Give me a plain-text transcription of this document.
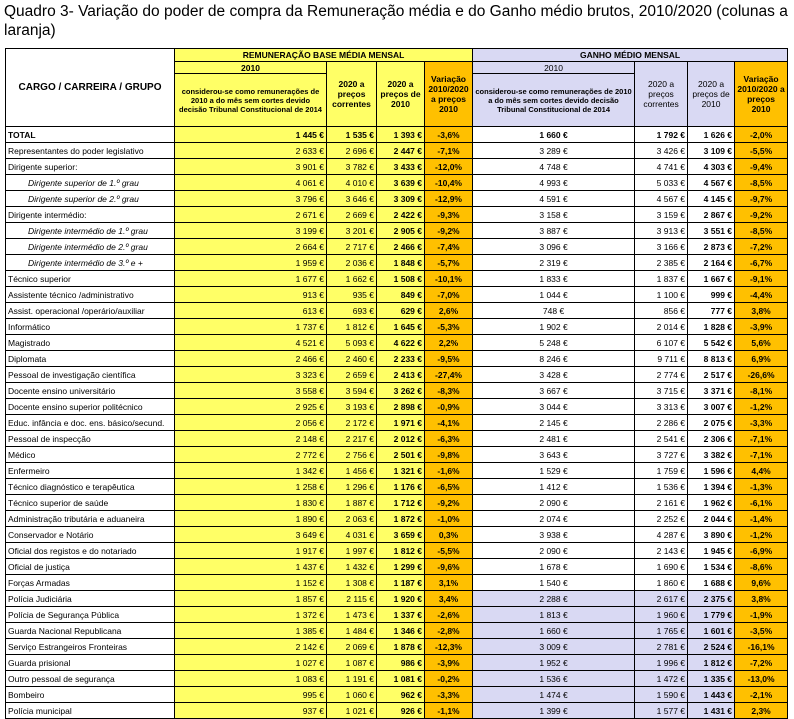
Quadro 3- Variação do poder de compra da Remuneração média e do Ganho médio brutos, 2010/2020 (colunas a laranja)
CARGO / CARREIRA / GRUPO	REMUNERAÇÃO BASE MÉDIA MENSAL				GANHO MÉDIO MENSAL			
	2010	2020 a preços correntes	2020 a preços de 2010	Variação 2010/2020 a preços 2010	2010	2020 a preços correntes	2020 a preços de 2010	Variação 2010/2020 a preços 2010
	considerou-se como remunerações de 2010 a do mês sem cortes devido decisão Tribunal Constitucional de 2014				considerou-se como remunerações de 2010 a do mês sem cortes devido decisão Tribunal Constitucional de 2014			
TOTAL	1 445 €	1 535 €	1 393 €	-3,6%	1 660 €	1 792 €	1 626 €	-2,0%
Representantes do poder legislativo	2 633 €	2 696 €	2 447 €	-7,1%	3 289 €	3 426 €	3 109 €	-5,5%
Dirigente superior:	3 901 €	3 782 €	3 433 €	-12,0%	4 748 €	4 741 €	4 303 €	-9,4%
Dirigente superior de 1.º grau	4 061 €	4 010 €	3 639 €	-10,4%	4 993 €	5 033 €	4 567 €	-8,5%
Dirigente superior de 2.º grau	3 796 €	3 646 €	3 309 €	-12,9%	4 591 €	4 567 €	4 145 €	-9,7%
Dirigente intermédio:	2 671 €	2 669 €	2 422 €	-9,3%	3 158 €	3 159 €	2 867 €	-9,2%
Dirigente intermédio de 1.º grau	3 199 €	3 201 €	2 905 €	-9,2%	3 887 €	3 913 €	3 551 €	-8,5%
Dirigente intermédio de 2.º grau	2 664 €	2 717 €	2 466 €	-7,4%	3 096 €	3 166 €	2 873 €	-7,2%
Dirigente intermédio de 3.º e +	1 959 €	2 036 €	1 848 €	-5,7%	2 319 €	2 385 €	2 164 €	-6,7%
Técnico superior	1 677 €	1 662 €	1 508 €	-10,1%	1 833 €	1 837 €	1 667 €	-9,1%
Assistente técnico /administrativo	913 €	935 €	849 €	-7,0%	1 044 €	1 100 €	999 €	-4,4%
Assist. operacional /operário/auxiliar	613 €	693 €	629 €	2,6%	748 €	856 €	777 €	3,8%
Informático	1 737 €	1 812 €	1 645 €	-5,3%	1 902 €	2 014 €	1 828 €	-3,9%
Magistrado	4 521 €	5 093 €	4 622 €	2,2%	5 248 €	6 107 €	5 542 €	5,6%
Diplomata	2 466 €	2 460 €	2 233 €	-9,5%	8 246 €	9 711 €	8 813 €	6,9%
Pessoal de investigação científica	3 323 €	2 659 €	2 413 €	-27,4%	3 428 €	2 774 €	2 517 €	-26,6%
Docente ensino universitário	3 558 €	3 594 €	3 262 €	-8,3%	3 667 €	3 715 €	3 371 €	-8,1%
Docente ensino superior politécnico	2 925 €	3 193 €	2 898 €	-0,9%	3 044 €	3 313 €	3 007 €	-1,2%
Educ. infância e doc. ens. básico/secund.	2 056 €	2 172 €	1 971 €	-4,1%	2 145 €	2 286 €	2 075 €	-3,3%
Pessoal de inspecção	2 148 €	2 217 €	2 012 €	-6,3%	2 481 €	2 541 €	2 306 €	-7,1%
Médico	2 772 €	2 756 €	2 501 €	-9,8%	3 643 €	3 727 €	3 382 €	-7,1%
Enfermeiro	1 342 €	1 456 €	1 321 €	-1,6%	1 529 €	1 759 €	1 596 €	4,4%
Técnico diagnóstico e terapêutica	1 258 €	1 296 €	1 176 €	-6,5%	1 412 €	1 536 €	1 394 €	-1,3%
Técnico superior de saúde	1 830 €	1 887 €	1 712 €	-9,2%	2 090 €	2 161 €	1 962 €	-6,1%
Administração tributária e aduaneira	1 890 €	2 063 €	1 872 €	-1,0%	2 074 €	2 252 €	2 044 €	-1,4%
Conservador e Notário	3 649 €	4 031 €	3 659 €	0,3%	3 938 €	4 287 €	3 890 €	-1,2%
Oficial dos registos e do notariado	1 917 €	1 997 €	1 812 €	-5,5%	2 090 €	2 143 €	1 945 €	-6,9%
Oficial de justiça	1 437 €	1 432 €	1 299 €	-9,6%	1 678 €	1 690 €	1 534 €	-8,6%
Forças Armadas	1 152 €	1 308 €	1 187 €	3,1%	1 540 €	1 860 €	1 688 €	9,6%
Polícia Judiciária	1 857 €	2 115 €	1 920 €	3,4%	2 288 €	2 617 €	2 375 €	3,8%
Polícia de Segurança Pública	1 372 €	1 473 €	1 337 €	-2,6%	1 813 €	1 960 €	1 779 €	-1,9%
Guarda Nacional Republicana	1 385 €	1 484 €	1 346 €	-2,8%	1 660 €	1 765 €	1 601 €	-3,5%
Serviço Estrangeiros Fronteiras	2 142 €	2 069 €	1 878 €	-12,3%	3 009 €	2 781 €	2 524 €	-16,1%
Guarda prisional	1 027 €	1 087 €	986 €	-3,9%	1 952 €	1 996 €	1 812 €	-7,2%
Outro pessoal de segurança	1 083 €	1 191 €	1 081 €	-0,2%	1 536 €	1 472 €	1 335 €	-13,0%
Bombeiro	995 €	1 060 €	962 €	-3,3%	1 474 €	1 590 €	1 443 €	-2,1%
Polícia municipal	937 €	1 021 €	926 €	-1,1%	1 399 €	1 577 €	1 431 €	2,3%
